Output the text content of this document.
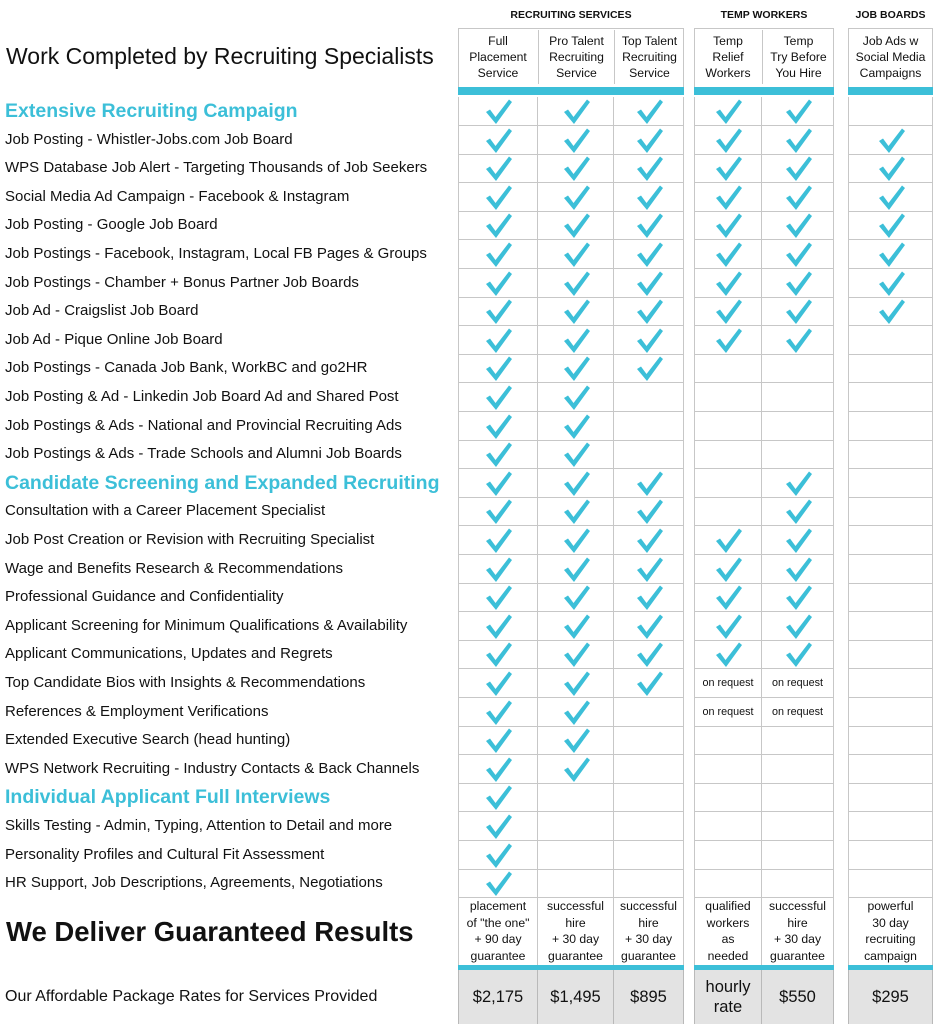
Work Completed by Recruiting Specialists
We Deliver Guaranteed Results
Our Affordable Package Rates for Services Provided
Extensive Recruiting Campaign
Job Posting - Whistler-Jobs.com Job Board
WPS Database Job Alert - Targeting Thousands of Job Seekers
Social Media Ad Campaign - Facebook & Instagram
Job Posting - Google Job Board
Job Postings - Facebook, Instagram, Local FB Pages & Groups
Job Postings - Chamber + Bonus Partner Job Boards
Job Ad - Craigslist Job Board
Job Ad - Pique Online Job Board
Job Postings - Canada Job Bank, WorkBC and go2HR
Job Posting & Ad - Linkedin Job Board Ad and Shared Post
Job Postings & Ads - National and Provincial Recruiting Ads
Job Postings & Ads - Trade Schools and Alumni Job Boards
Candidate Screening and Expanded Recruiting
Consultation with a Career Placement Specialist
Job Post Creation or Revision with Recruiting Specialist
Wage and Benefits Research & Recommendations
Professional Guidance and Confidentiality
Applicant Screening for Minimum Qualifications & Availability
Applicant Communications, Updates and Regrets
Top Candidate Bios with Insights & Recommendations
References & Employment Verifications
Extended Executive Search (head hunting)
WPS Network Recruiting - Industry Contacts & Back Channels
Individual Applicant Full Interviews
Skills Testing - Admin, Typing, Attention to Detail and more
Personality Profiles and Cultural Fit Assessment
HR Support, Job Descriptions, Agreements, Negotiations
RECRUITING SERVICES	TEMP WORKERS	JOB BOARDS
Full
Placement
Service
placement
of "the one"
+ 90 day
guarantee
$2,175
Pro Talent
Recruiting
Service
successful
hire
+ 30 day
guarantee
$1,495
Top Talent
Recruiting
Service
successful
hire
+ 30 day
guarantee
$895
Temp
Relief
Workers
qualified
workers
as
needed
hourly
rate
Temp
Try Before
You Hire
successful
hire
+ 30 day
guarantee
$550
Job Ads w
Social Media
Campaigns
powerful
30 day
recruiting
campaign
$295
on request on request
on request on request
